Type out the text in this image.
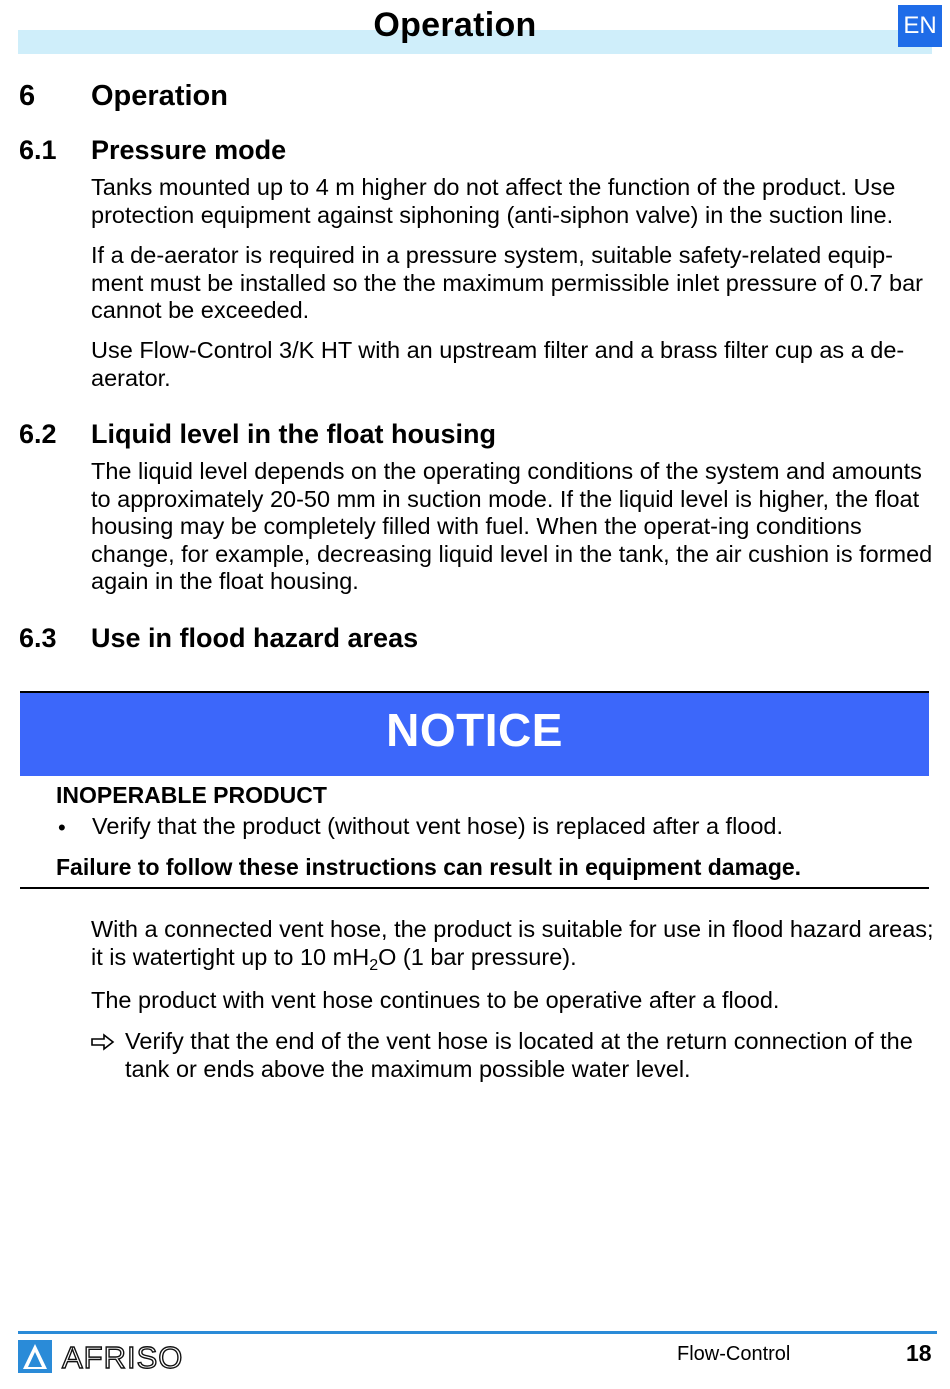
Operation	EN
6 Operation
6.1 Pressure mode

Tanks mounted up to 4 m higher do not affect the function of the product. Use protection equipment against siphoning (anti-siphon valve) in the suction line.

If a de-aerator is required in a pressure system, suitable safety-related equip-ment must be installed so the the maximum permissible inlet pressure of 0.7 bar cannot be exceeded.

Use Flow-Control 3/K HT with an upstream filter and a brass filter cup as a de-aerator.

6.2 Liquid level in the float housing

The liquid level depends on the operating conditions of the system and amounts to approximately 20-50 mm in suction mode. If the liquid level is higher, the float housing may be completely filled with fuel. When the operat-ing conditions change, for example, decreasing liquid level in the tank, the air cushion is formed again in the float housing.

6.3 Use in flood hazard areas
NOTICE
INOPERABLE PRODUCT
• Verify that the product (without vent hose) is replaced after a flood.
Failure to follow these instructions can result in equipment damage.

With a connected vent hose, the product is suitable for use in flood hazard areas; it is watertight up to 10 $mH_2O$ (1 bar pressure).

The product with vent hose continues to be operative after a flood.

Verify that the end of the vent hose is located at the return connection of the tank or ends above the maximum possible water level.

AFRISO	Flow-Control	18
